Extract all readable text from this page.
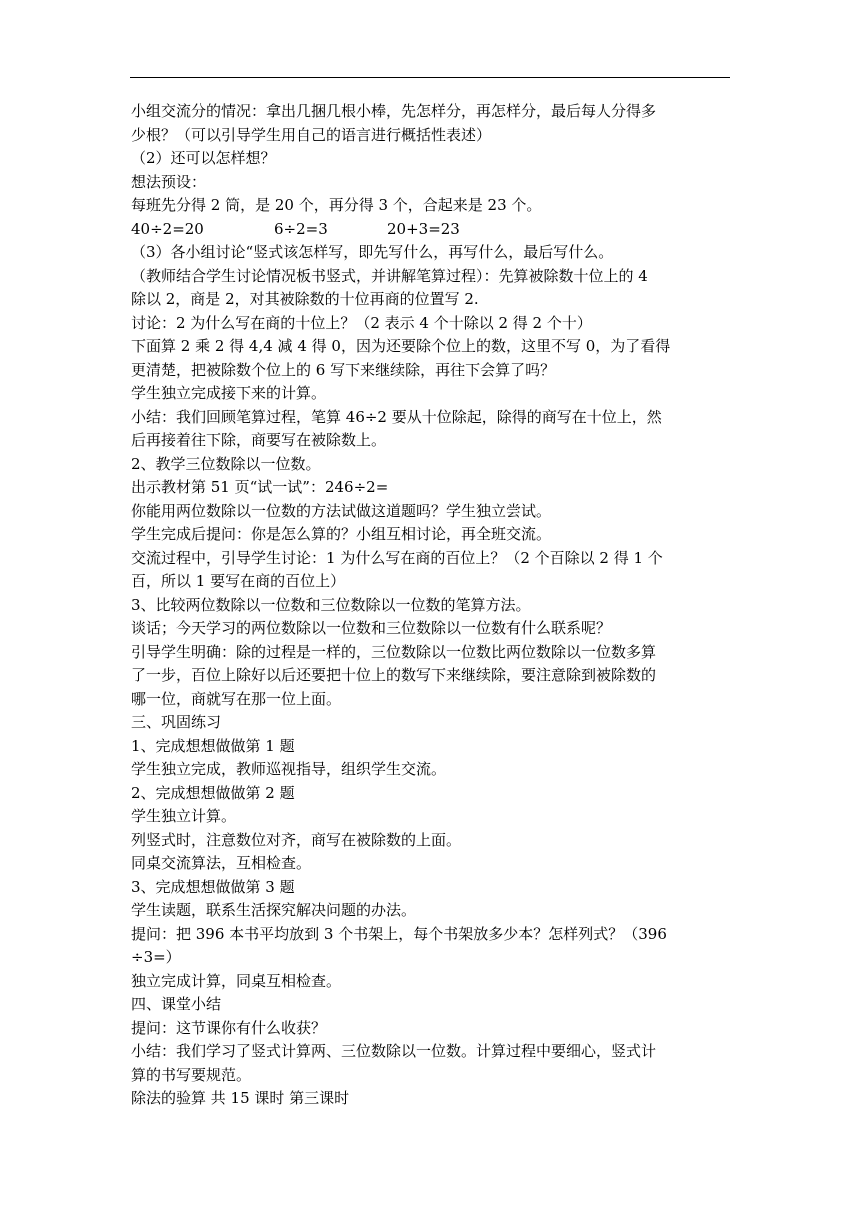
小组交流分的情况：拿出几捆几根小棒，先怎样分，再怎样分，最后每人分得多
少根？（可以引导学生用自己的语言进行概括性表述）
（2）还可以怎样想？
想法预设：
每班先分得 2 筒，是 20 个，再分得 3 个，合起来是 23 个。
40÷2=20	6÷2=3	20+3=23
（3）各小组讨论“竖式该怎样写，即先写什么，再写什么，最后写什么。
（教师结合学生讨论情况板书竖式，并讲解笔算过程）：先算被除数十位上的 4
除以 2，商是 2，对其被除数的十位再商的位置写 2.
讨论：2 为什么写在商的十位上？（2 表示 4 个十除以 2 得 2 个十）
下面算 2 乘 2 得 4,4 减 4 得 0，因为还要除个位上的数，这里不写 0，为了看得
更清楚，把被除数个位上的 6 写下来继续除，再往下会算了吗？
学生独立完成接下来的计算。
小结：我们回顾笔算过程，笔算 46÷2 要从十位除起，除得的商写在十位上，然
后再接着往下除，商要写在被除数上。
2、教学三位数除以一位数。
出示教材第 51 页“试一试”：246÷2=
你能用两位数除以一位数的方法试做这道题吗？学生独立尝试。
学生完成后提问：你是怎么算的？小组互相讨论，再全班交流。
交流过程中，引导学生讨论：1 为什么写在商的百位上？（2 个百除以 2 得 1 个
百，所以 1 要写在商的百位上）
3、比较两位数除以一位数和三位数除以一位数的笔算方法。
谈话；今天学习的两位数除以一位数和三位数除以一位数有什么联系呢？
引导学生明确：除的过程是一样的，三位数除以一位数比两位数除以一位数多算
了一步，百位上除好以后还要把十位上的数写下来继续除，要注意除到被除数的
哪一位，商就写在那一位上面。
三、巩固练习
1、完成想想做做第 1 题
学生独立完成，教师巡视指导，组织学生交流。
2、完成想想做做第 2 题
学生独立计算。
列竖式时，注意数位对齐，商写在被除数的上面。
同桌交流算法，互相检查。
3、完成想想做做第 3 题
学生读题，联系生活探究解决问题的办法。
提问：把 396 本书平均放到 3 个书架上，每个书架放多少本？怎样列式？（396
÷3=）
独立完成计算，同桌互相检查。
四、课堂小结
提问：这节课你有什么收获？
小结：我们学习了竖式计算两、三位数除以一位数。计算过程中要细心，竖式计
算的书写要规范。
除法的验算 共 15 课时 第三课时
